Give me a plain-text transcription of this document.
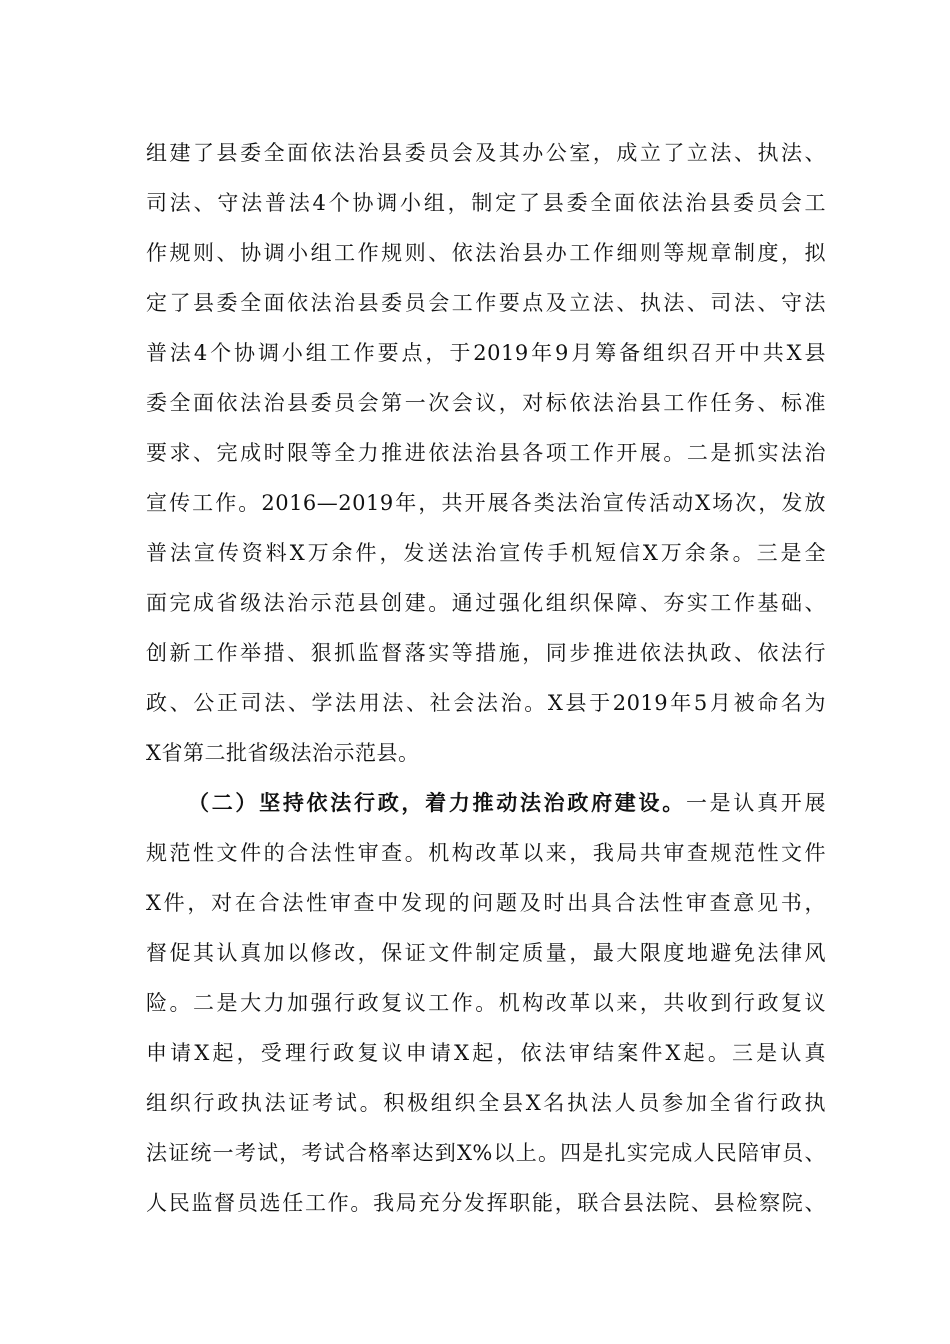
组建了县委全面依法治县委员会及其办公室，成立了立法、执法、
司法、守法普法4个协调小组，制定了县委全面依法治县委员会工
作规则、协调小组工作规则、依法治县办工作细则等规章制度，拟
定了县委全面依法治县委员会工作要点及立法、执法、司法、守法
普法4个协调小组工作要点，于2019年9月筹备组织召开中共X县
委全面依法治县委员会第一次会议，对标依法治县工作任务、标准
要求、完成时限等全力推进依法治县各项工作开展。二是抓实法治
宣传工作。2016—2019年，共开展各类法治宣传活动X场次，发放
普法宣传资料X万余件，发送法治宣传手机短信X万余条。三是全
面完成省级法治示范县创建。通过强化组织保障、夯实工作基础、
创新工作举措、狠抓监督落实等措施，同步推进依法执政、依法行
政、公正司法、学法用法、社会法治。X县于2019年5月被命名为
X省第二批省级法治示范县。
（二）坚持依法行政，着力推动法治政府建设。一是认真开展
规范性文件的合法性审查。机构改革以来，我局共审查规范性文件
X件，对在合法性审查中发现的问题及时出具合法性审查意见书，
督促其认真加以修改，保证文件制定质量，最大限度地避免法律风
险。二是大力加强行政复议工作。机构改革以来，共收到行政复议
申请X起，受理行政复议申请X起，依法审结案件X起。三是认真
组织行政执法证考试。积极组织全县X名执法人员参加全省行政执
法证统一考试，考试合格率达到X%以上。四是扎实完成人民陪审员、
人民监督员选任工作。我局充分发挥职能，联合县法院、县检察院、
